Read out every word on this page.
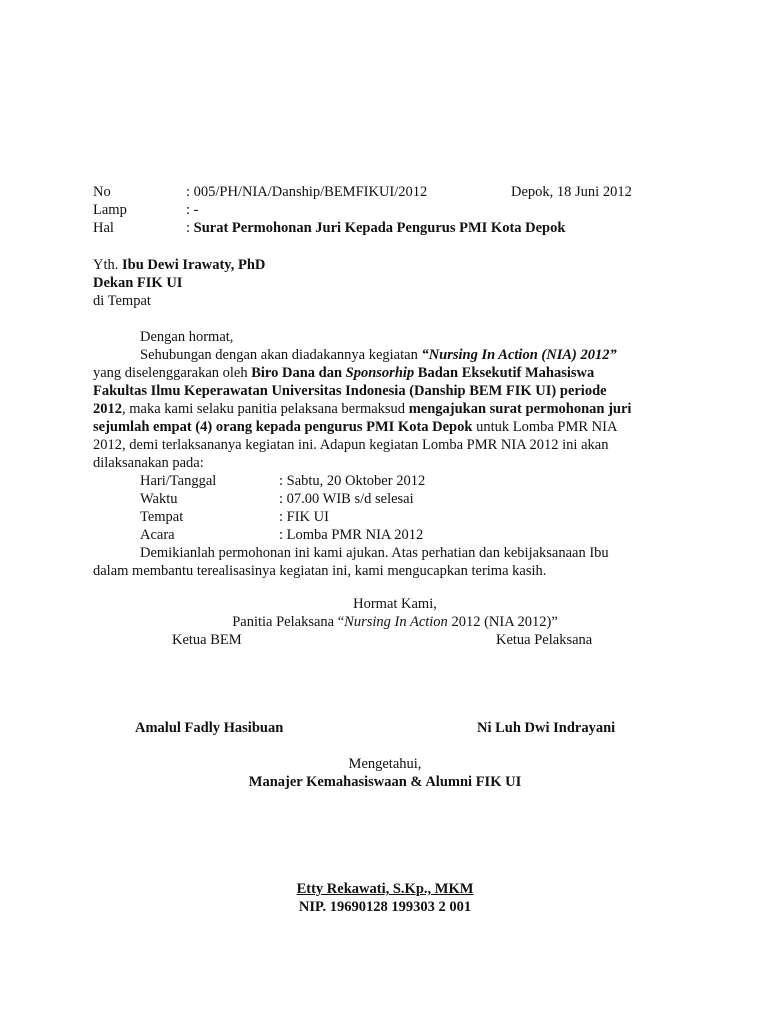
No	: 005/PH/NIA/Danship/BEMFIKUI/2012	Depok, 18 Juni 2012
Lamp	: -
Hal	: Surat Permohonan Juri Kepada Pengurus PMI Kota Depok
Yth. Ibu Dewi Irawaty, PhD
Dekan FIK UI
di Tempat
Dengan hormat,
Sehubungan dengan akan diadakannya kegiatan “Nursing In Action (NIA) 2012”
yang diselenggarakan oleh Biro Dana dan Sponsorhip Badan Eksekutif Mahasiswa
Fakultas Ilmu Keperawatan Universitas Indonesia (Danship BEM FIK UI) periode
2012, maka kami selaku panitia pelaksana bermaksud mengajukan surat permohonan juri
sejumlah empat (4) orang kepada pengurus PMI Kota Depok untuk Lomba PMR NIA
2012, demi terlaksananya kegiatan ini. Adapun kegiatan Lomba PMR NIA 2012 ini akan
dilaksanakan pada:
Hari/Tanggal	: Sabtu, 20 Oktober 2012
Waktu	: 07.00 WIB s/d selesai
Tempat	: FIK UI
Acara	: Lomba PMR NIA 2012
Demikianlah permohonan ini kami ajukan. Atas perhatian dan kebijaksanaan Ibu
dalam membantu terealisasinya kegiatan ini, kami mengucapkan terima kasih.
Hormat Kami,
Panitia Pelaksana “Nursing In Action 2012 (NIA 2012)”
Ketua BEM	Ketua Pelaksana
Amalul Fadly Hasibuan	Ni Luh Dwi Indrayani
Mengetahui,
Manajer Kemahasiswaan & Alumni FIK UI
Etty Rekawati, S.Kp., MKM
NIP. 19690128 199303 2 001
